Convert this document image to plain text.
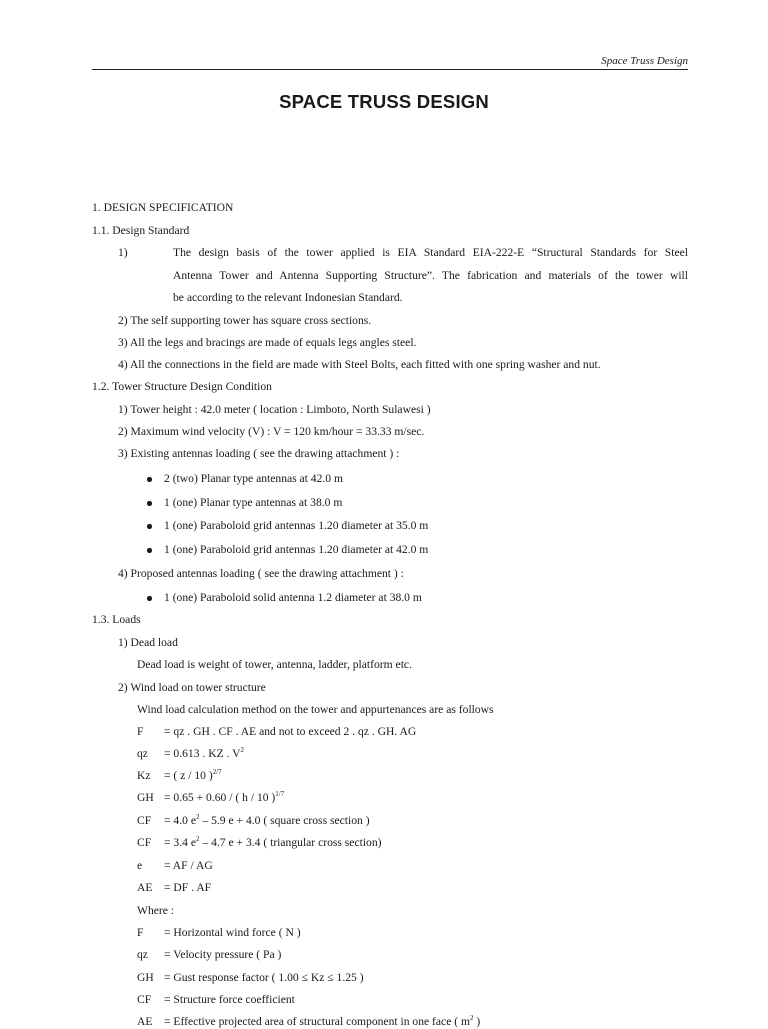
Space Truss Design
SPACE TRUSS DESIGN
1. DESIGN SPECIFICATION
1.1. Design Standard
1)	The design basis of the tower applied is EIA Standard EIA-222-E “Structural Standards for Steel
Antenna Tower and Antenna Supporting Structure”. The fabrication and materials of the tower will
be according to the relevant Indonesian Standard.
2) The self supporting tower has square cross sections.
3) All the legs and bracings are made of equals legs angles steel.
4) All the connections in the field are made with Steel Bolts, each fitted with one spring washer and nut.
1.2. Tower Structure Design Condition
1) Tower height : 42.0 meter ( location : Limboto, North Sulawesi )
2) Maximum wind velocity (V) : V = 120 km/hour = 33.33 m/sec.
3) Existing antennas loading ( see the drawing attachment ) :
2 (two) Planar type antennas at 42.0 m
1 (one) Planar type antennas at 38.0 m
1 (one) Paraboloid grid antennas 1.20 diameter at 35.0 m
1 (one) Paraboloid grid antennas 1.20 diameter at 42.0 m
4) Proposed antennas loading ( see the drawing attachment ) :
1 (one) Paraboloid solid antenna 1.2 diameter at 38.0 m
1.3. Loads
1) Dead load
Dead load is weight of tower, antenna, ladder, platform etc.
2) Wind load on tower structure
Wind load calculation method on the tower and appurtenances are as follows
F = qz . GH . CF . AE and not to exceed 2 . qz . GH. AG
qz = 0.613 . KZ . $V^2$
Kz = ( z / 10 )$^{2/7}$
GH = 0.65 + 0.60 / ( h / 10 )$^{1/7}$
CF = 4.0 $e^2 - 5.9$ e + 4.0 ( square cross section )
CF = 3.4 $e^2 - 4.7$ e + 3.4 ( triangular cross section)
e = AF / AG
AE = DF . AF
Where :
F = Horizontal wind force ( N )
qz = Velocity pressure ( Pa )
GH = Gust response factor ( 1.00 ≤ Kz ≤ 1.25 )
CF = Structure force coefficient
AE = Effective projected area of structural component in one face ( $m^2$ )
